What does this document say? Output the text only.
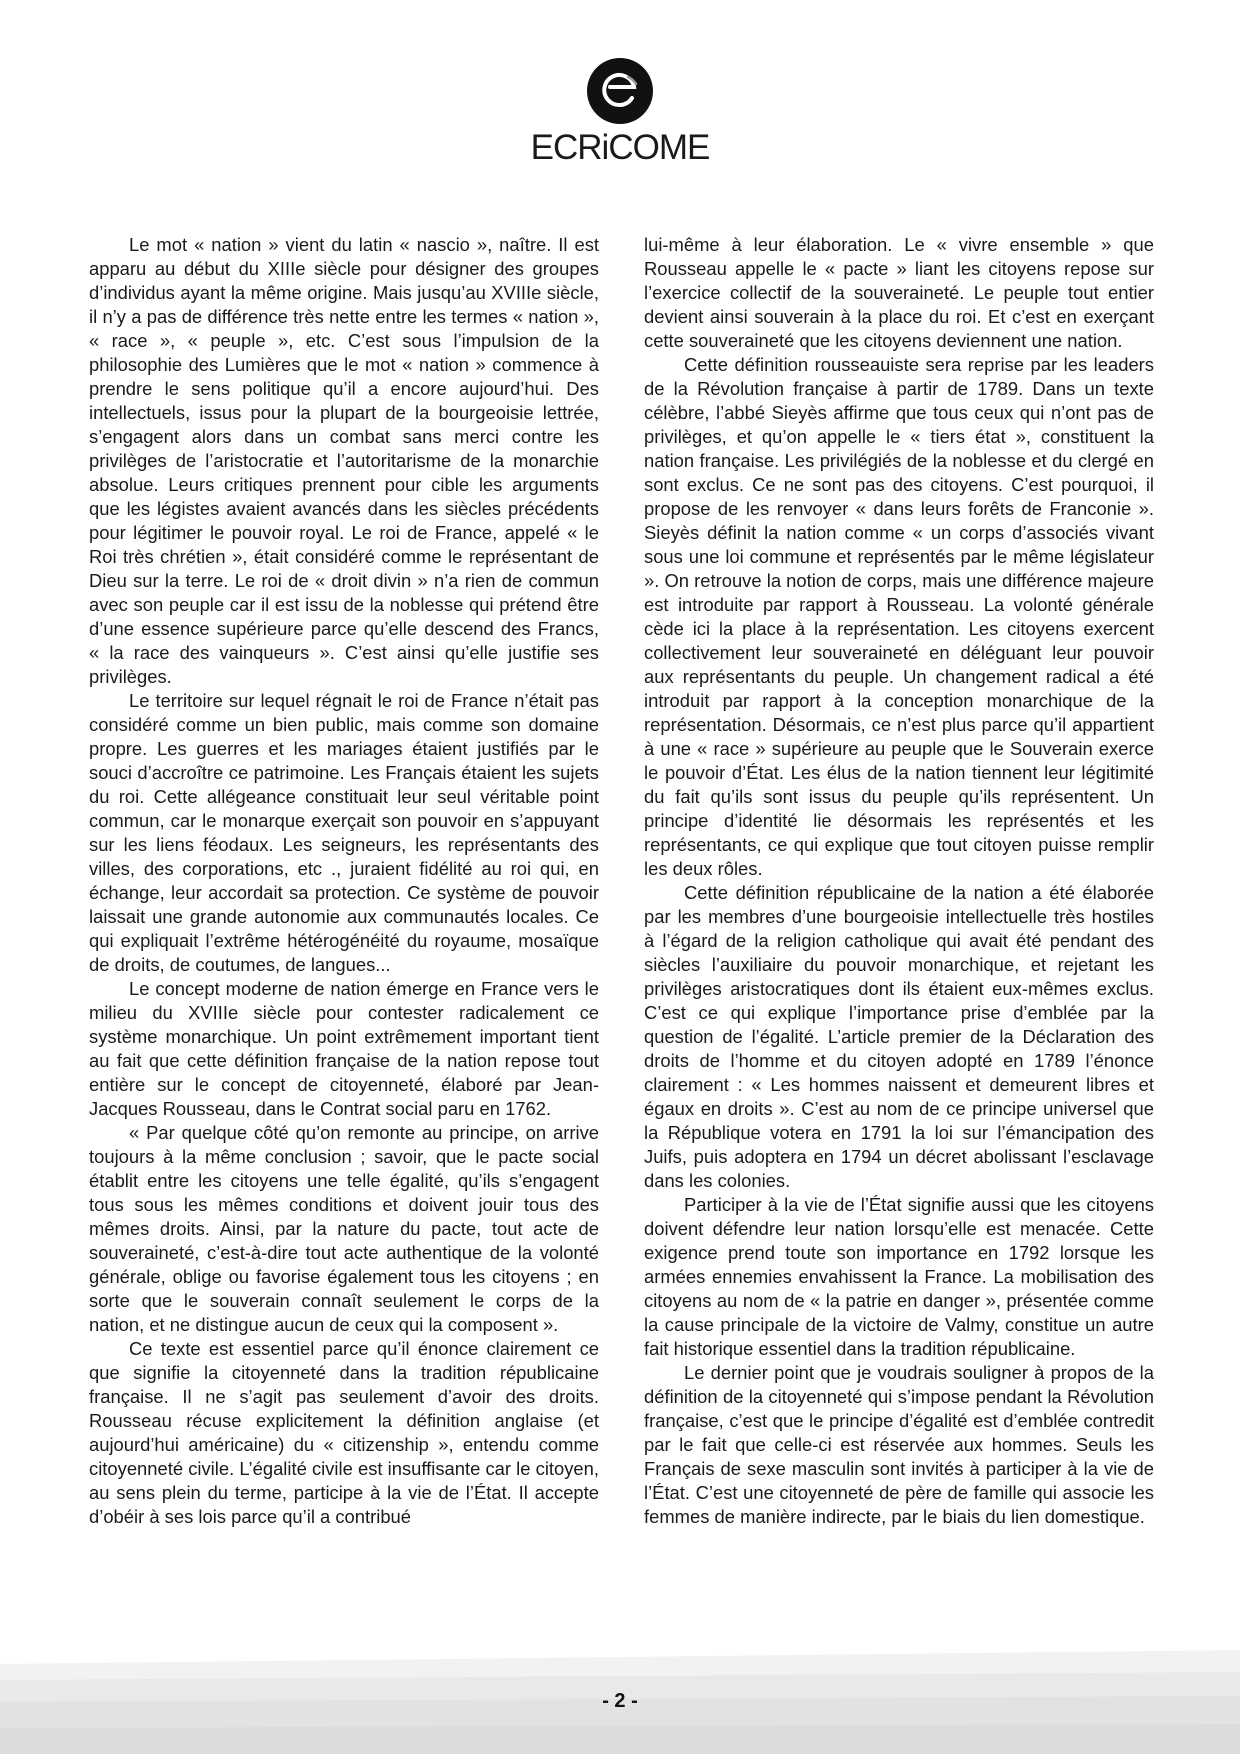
ECRiCOME

Le mot « nation » vient du latin « nascio », naître. Il est apparu au début du XIIIe siècle pour désigner des groupes d’individus ayant la même origine. Mais jusqu’au XVIIIe siècle, il n’y a pas de différence très nette entre les termes « nation », « race », « peuple », etc. C’est sous l’impulsion de la philosophie des Lumières que le mot « nation » commence à prendre le sens politique qu’il a encore aujourd’hui. Des intellectuels, issus pour la plupart de la bourgeoisie lettrée, s’engagent alors dans un combat sans merci contre les privilèges de l’aristocratie et l’autoritarisme de la monarchie absolue. Leurs critiques prennent pour cible les arguments que les légistes avaient avancés dans les siècles précédents pour légitimer le pouvoir royal. Le roi de France, appelé « le Roi très chrétien », était considéré comme le représentant de Dieu sur la terre. Le roi de « droit divin » n’a rien de commun avec son peuple car il est issu de la noblesse qui prétend être d’une essence supérieure parce qu’elle descend des Francs, « la race des vainqueurs ». C’est ainsi qu’elle justifie ses privilèges.

Le territoire sur lequel régnait le roi de France n’était pas considéré comme un bien public, mais comme son domaine propre. Les guerres et les mariages étaient justifiés par le souci d’accroître ce patrimoine. Les Français étaient les sujets du roi. Cette allégeance constituait leur seul véritable point commun, car le monarque exerçait son pouvoir en s’appuyant sur les liens féodaux. Les seigneurs, les représentants des villes, des corporations, etc ., juraient fidélité au roi qui, en échange, leur accordait sa protection. Ce système de pouvoir laissait une grande autonomie aux communautés locales. Ce qui expliquait l’extrême hétérogénéité du royaume, mosaïque de droits, de coutumes, de langues...

Le concept moderne de nation émerge en France vers le milieu du XVIIIe siècle pour contester radicalement ce système monarchique. Un point extrêmement important tient au fait que cette définition française de la nation repose tout entière sur le concept de citoyenneté, élaboré par Jean-Jacques Rousseau, dans le Contrat social paru en 1762.

« Par quelque côté qu’on remonte au principe, on arrive toujours à la même conclusion ; savoir, que le pacte social établit entre les citoyens une telle égalité, qu’ils s’engagent tous sous les mêmes conditions et doivent jouir tous des mêmes droits. Ainsi, par la nature du pacte, tout acte de souveraineté, c’est-à-dire tout acte authentique de la volonté générale, oblige ou favorise également tous les citoyens ; en sorte que le souverain connaît seulement le corps de la nation, et ne distingue aucun de ceux qui la composent ».

Ce texte est essentiel parce qu’il énonce clairement ce que signifie la citoyenneté dans la tradition républicaine française. Il ne s’agit pas seulement d’avoir des droits. Rousseau récuse explicitement la définition anglaise (et aujourd’hui américaine) du « citizenship », entendu comme citoyenneté civile. L’égalité civile est insuffisante car le citoyen, au sens plein du terme, participe à la vie de l’État. Il accepte d’obéir à ses lois parce qu’il a contribué

lui-même à leur élaboration. Le « vivre ensemble » que Rousseau appelle le « pacte » liant les citoyens repose sur l’exercice collectif de la souveraineté. Le peuple tout entier devient ainsi souverain à la place du roi. Et c’est en exerçant cette souveraineté que les citoyens deviennent une nation.

Cette définition rousseauiste sera reprise par les leaders de la Révolution française à partir de 1789. Dans un texte célèbre, l’abbé Sieyès affirme que tous ceux qui n’ont pas de privilèges, et qu’on appelle le « tiers état », constituent la nation française. Les privilégiés de la noblesse et du clergé en sont exclus. Ce ne sont pas des citoyens. C’est pourquoi, il propose de les renvoyer « dans leurs forêts de Franconie ». Sieyès définit la nation comme « un corps d’associés vivant sous une loi commune et représentés par le même législateur ». On retrouve la notion de corps, mais une différence majeure est introduite par rapport à Rousseau. La volonté générale cède ici la place à la représentation. Les citoyens exercent collectivement leur souveraineté en déléguant leur pouvoir aux représentants du peuple. Un changement radical a été introduit par rapport à la conception monarchique de la représentation. Désormais, ce n’est plus parce qu’il appartient à une « race » supérieure au peuple que le Souverain exerce le pouvoir d’État. Les élus de la nation tiennent leur légitimité du fait qu’ils sont issus du peuple qu’ils représentent. Un principe d’identité lie désormais les représentés et les représentants, ce qui explique que tout citoyen puisse remplir les deux rôles.

Cette définition républicaine de la nation a été élaborée par les membres d’une bourgeoisie intellectuelle très hostiles à l’égard de la religion catholique qui avait été pendant des siècles l’auxiliaire du pouvoir monarchique, et rejetant les privilèges aristocratiques dont ils étaient eux-mêmes exclus. C’est ce qui explique l’importance prise d’emblée par la question de l’égalité. L’article premier de la Déclaration des droits de l’homme et du citoyen adopté en 1789 l’énonce clairement : « Les hommes naissent et demeurent libres et égaux en droits ». C’est au nom de ce principe universel que la République votera en 1791 la loi sur l’émancipation des Juifs, puis adoptera en 1794 un décret abolissant l’esclavage dans les colonies.

Participer à la vie de l’État signifie aussi que les citoyens doivent défendre leur nation lorsqu’elle est menacée. Cette exigence prend toute son importance en 1792 lorsque les armées ennemies envahissent la France. La mobilisation des citoyens au nom de « la patrie en danger », présentée comme la cause principale de la victoire de Valmy, constitue un autre fait historique essentiel dans la tradition républicaine.

Le dernier point que je voudrais souligner à propos de la définition de la citoyenneté qui s’impose pendant la Révolution française, c’est que le principe d’égalité est d’emblée contredit par le fait que celle-ci est réservée aux hommes. Seuls les Français de sexe masculin sont invités à participer à la vie de l’État. C’est une citoyenneté de père de famille qui associe les femmes de manière indirecte, par le biais du lien domestique.

- 2 -
